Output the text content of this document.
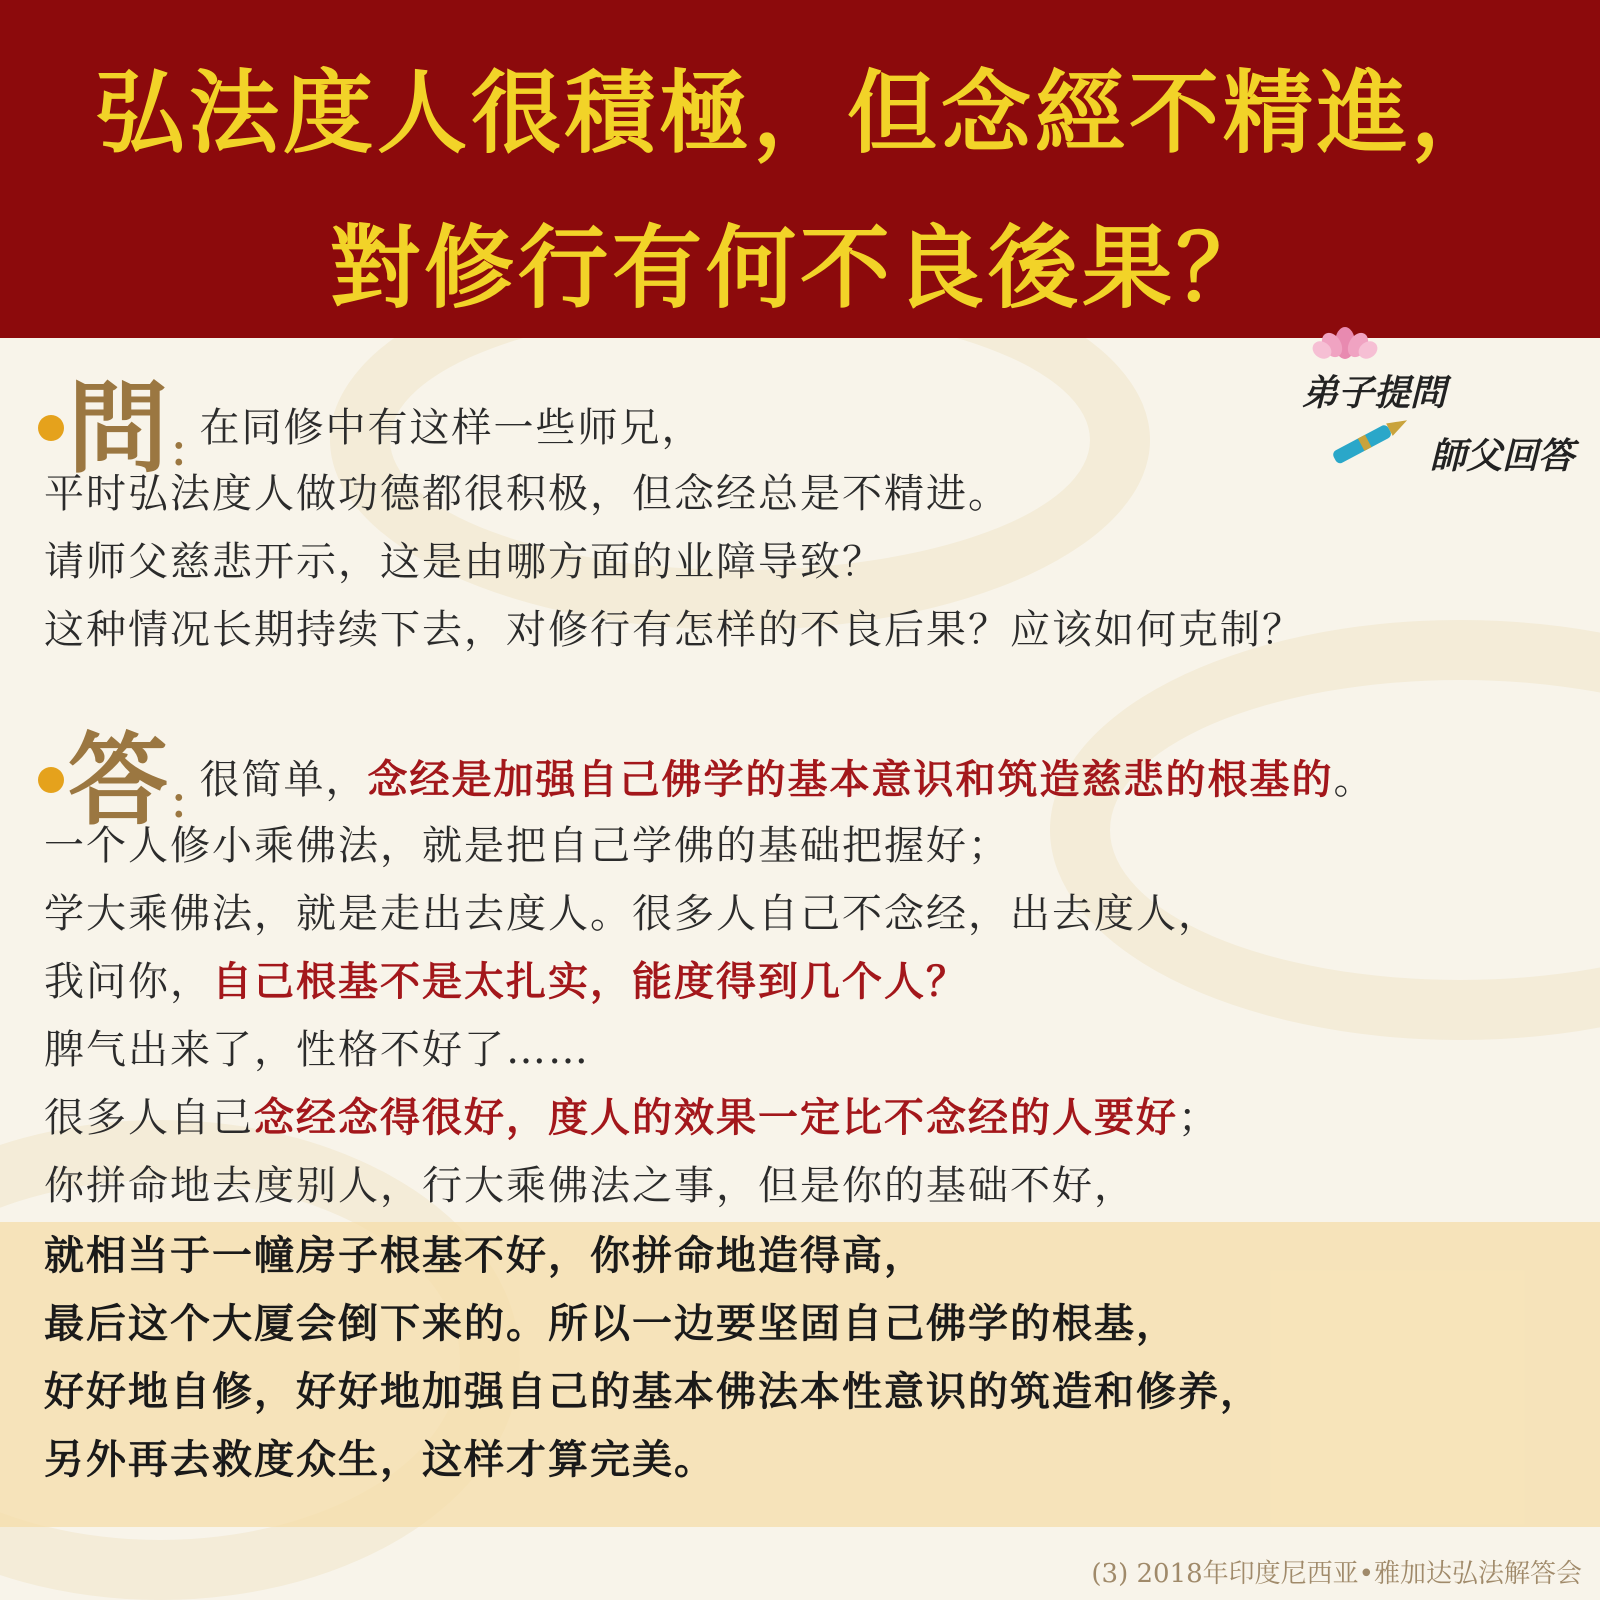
弘法度人很積極，但念經不精進，
對修行有何不良後果？
弟子提問
師父回答
問 : 在同修中有这样一些师兄，
平时弘法度人做功德都很积极，但念经总是不精进。
请师父慈悲开示，这是由哪方面的业障导致？
这种情况长期持续下去，对修行有怎样的不良后果？应该如何克制？
答 : 很简单，念经是加强自己佛学的基本意识和筑造慈悲的根基的。
一个人修小乘佛法，就是把自己学佛的基础把握好；
学大乘佛法，就是走出去度人。很多人自己不念经，出去度人，
我问你，自己根基不是太扎实，能度得到几个人？
脾气出来了，性格不好了……
很多人自己念经念得很好，度人的效果一定比不念经的人要好；
你拼命地去度别人，行大乘佛法之事，但是你的基础不好，
就相当于一幢房子根基不好，你拼命地造得高，
最后这个大厦会倒下来的。所以一边要坚固自己佛学的根基，
好好地自修，好好地加强自己的基本佛法本性意识的筑造和修养，
另外再去救度众生，这样才算完美。
(3) 2018年印度尼西亚•雅加达弘法解答会
